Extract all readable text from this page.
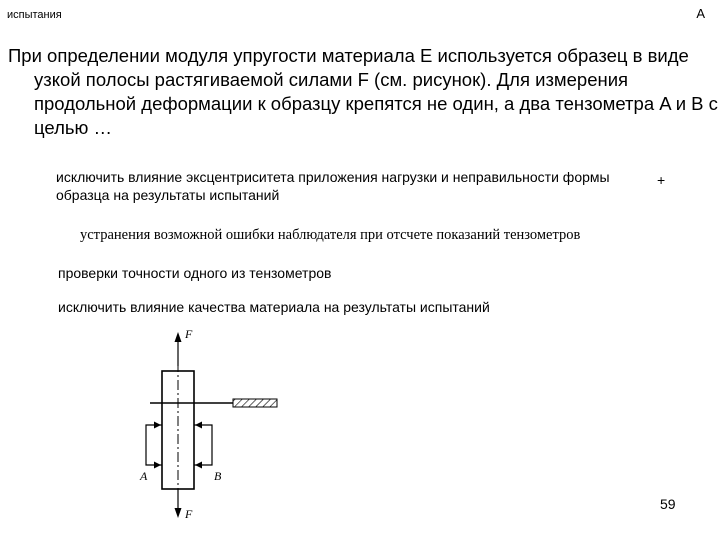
испытания	А

При определении модуля упругости материала E используется образец в виде узкой полосы растягиваемой силами F (см. рисунок). Для измерения продольной деформации к образцу крепятся не один, а два тензометра A и B с целью …

исключить влияние эксцентриситета приложения нагрузки и неправильности формы образца на результаты испытаний
+
устранения возможной ошибки наблюдателя при отсчете показаний тензометров
проверки точности одного из тензометров
исключить влияние качества материала на результаты испытаний
F
A	B
F
59
